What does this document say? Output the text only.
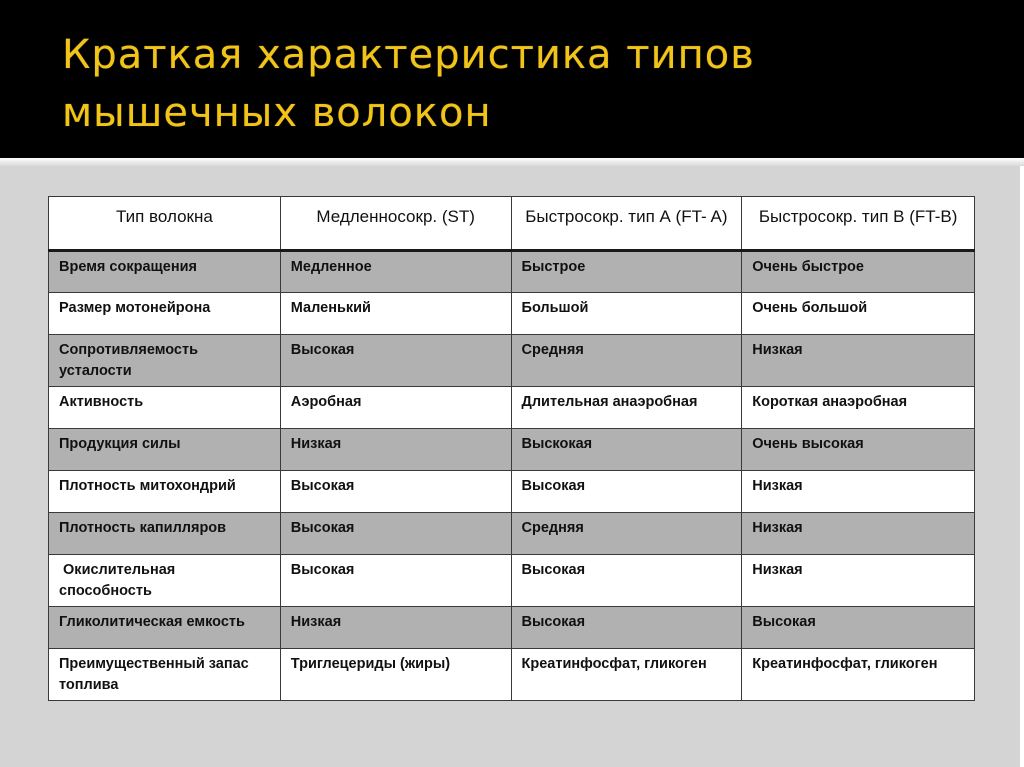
Краткая характеристика типов
мышечных волокон
Тип волокна	Медленносокр. (ST)	Быстросокр. тип А (FT- A)	Быстросокр. тип В (FT-B)
Время сокращения	Медленное	Быстрое	Очень быстрое
Размер мотонейрона	Маленький	Большой	Очень большой
Сопротивляемость усталости	Высокая	Средняя	Низкая
Активность	Аэробная	Длительная анаэробная	Короткая анаэробная
Продукция силы	Низкая	Выскокая	Очень высокая
Плотность митохондрий	Высокая	Высокая	Низкая
Плотность капилляров	Высокая	Средняя	Низкая
Окислительная способность	Высокая	Высокая	Низкая
Гликолитическая емкость	Низкая	Высокая	Высокая
Преимущественный запас топлива	Триглецериды (жиры)	Креатинфосфат, гликоген	Креатинфосфат, гликоген
